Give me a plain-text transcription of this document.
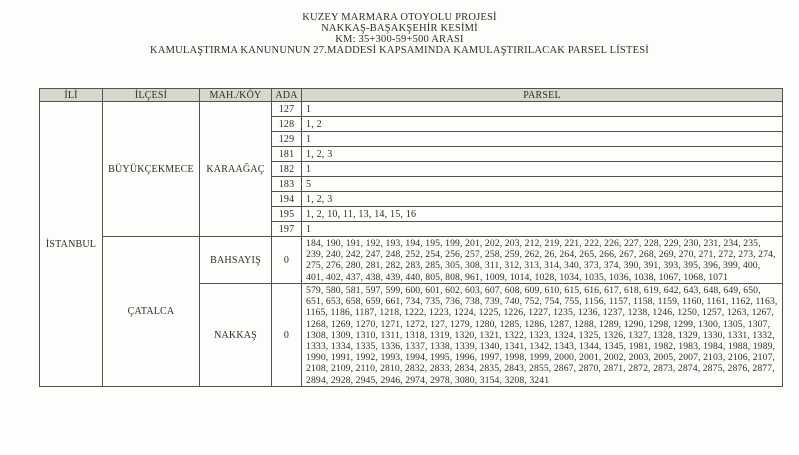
KUZEY MARMARA OTOYOLU PROJESİ
NAKKAŞ-BAŞAKŞEHİR KESİMİ
KM: 35+300-59+500 ARASI
KAMULAŞTIRMA KANUNUNUN 27.MADDESİ KAPSAMINDA KAMULAŞTIRILACAK PARSEL LİSTESİ
İLİ	İLÇESİ	MAH./KÖY	ADA	PARSEL
İSTANBUL	BÜYÜKÇEKMECE	KARAAĞAÇ	127	1
			128	1, 2
			129	1
			181	1, 2, 3
			182	1
			183	5
			194	1, 2, 3
			195	1, 2, 10, 11, 13, 14, 15, 16
			197	1
	ÇATALCA	BAHSAYIŞ	0	184, 190, 191, 192, 193, 194, 195, 199, 201, 202, 203, 212, 219, 221, 222, 226, 227, 228, 229, 230, 231, 234, 235, 239, 240, 242, 247, 248, 252, 254, 256, 257, 258, 259, 262, 26, 264, 265, 266, 267, 268, 269, 270, 271, 272, 273, 274, 275, 276, 280, 281, 282, 283, 285, 305, 308, 311, 312, 313, 314, 340, 373, 374, 390, 391, 393, 395, 396, 399, 400, 401, 402, 437, 438, 439, 440, 805, 808, 961, 1009, 1014, 1028, 1034, 1035, 1036, 1038, 1067, 1068, 1071

		NAKKAŞ	0	579, 580, 581, 597, 599, 600, 601, 602, 603, 607, 608, 609, 610, 615, 616, 617, 618, 619, 642, 643, 648, 649, 650, 651, 653, 658, 659, 661, 734, 735, 736, 738, 739, 740, 752, 754, 755, 1156, 1157, 1158, 1159, 1160, 1161, 1162, 1163, 1165, 1186, 1187, 1218, 1222, 1223, 1224, 1225, 1226, 1227, 1235, 1236, 1237, 1238, 1246, 1250, 1257, 1263, 1267, 1268, 1269, 1270, 1271, 1272, 127, 1279, 1280, 1285, 1286, 1287, 1288, 1289, 1290, 1298, 1299, 1300, 1305, 1307, 1308, 1309, 1310, 1311, 1318, 1319, 1320, 1321, 1322, 1323, 1324, 1325, 1326, 1327, 1328, 1329, 1330, 1331, 1332, 1333, 1334, 1335, 1336, 1337, 1338, 1339, 1340, 1341, 1342, 1343, 1344, 1345, 1981, 1982, 1983, 1984, 1988, 1989, 1990, 1991, 1992, 1993, 1994, 1995, 1996, 1997, 1998, 1999, 2000, 2001, 2002, 2003, 2005, 2007, 2103, 2106, 2107, 2108, 2109, 2110, 2810, 2832, 2833, 2834, 2835, 2843, 2855, 2867, 2870, 2871, 2872, 2873, 2874, 2875, 2876, 2877, 2894, 2928, 2945, 2946, 2974, 2978, 3080, 3154, 3208, 3241
